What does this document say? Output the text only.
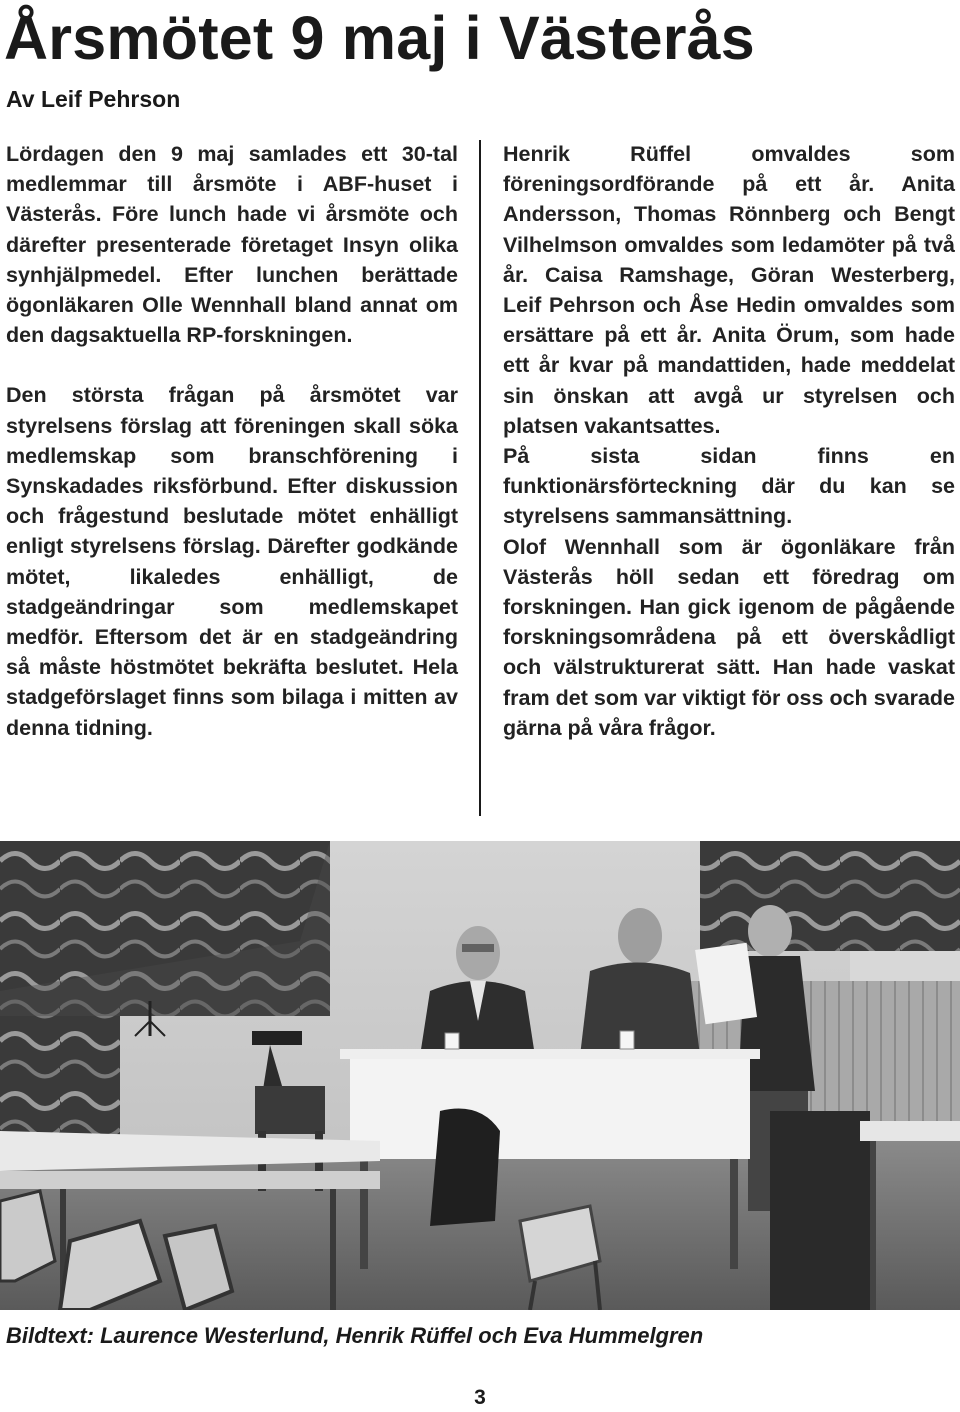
Årsmötet 9 maj i Västerås
Av Leif Pehrson

Lördagen den 9 maj samlades ett 30-tal medlemmar till årsmöte i ABF-huset i Västerås. Före lunch hade vi årsmöte och därefter presenterade företaget Insyn olika synhjälpmedel. Efter lunchen berättade ögonläkaren Olle Wennhall bland annat om den dagsaktuella RP-forskningen.

Den största frågan på årsmötet var styrelsens förslag att föreningen skall söka medlemskap som branschförening i Synskadades riksförbund. Efter diskussion och frågestund beslutade mötet enhälligt enligt styrelsens förslag. Därefter godkände mötet, likaledes enhälligt, de stadgeändringar som medlemskapet medför. Eftersom det är en stadgeändring så måste höstmötet bekräfta beslutet. Hela stadgeförslaget finns som bilaga i mitten av denna tidning.

Henrik Rüffel omvaldes som föreningsordförande på ett år. Anita Andersson, Thomas Rönnberg och Bengt Vilhelmson omvaldes som ledamöter på två år. Caisa Ramshage, Göran Westerberg, Leif Pehrson och Åse Hedin omvaldes som ersättare på ett år. Anita Örum, som hade ett år kvar på mandattiden, hade meddelat sin önskan att avgå ur styrelsen och platsen vakantsattes.

På sista sidan finns en funktionärsförteckning där du kan se styrelsens sammansättning.

Olof Wennhall som är ögonläkare från Västerås höll sedan ett föredrag om forskningen. Han gick igenom de pågående forskningsområdena på ett överskådligt och välstrukturerat sätt. Han hade vaskat fram det som var viktigt för oss och svarade gärna på våra frågor.

Bildtext: Laurence Westerlund, Henrik Rüffel och Eva Hummelgren
3
